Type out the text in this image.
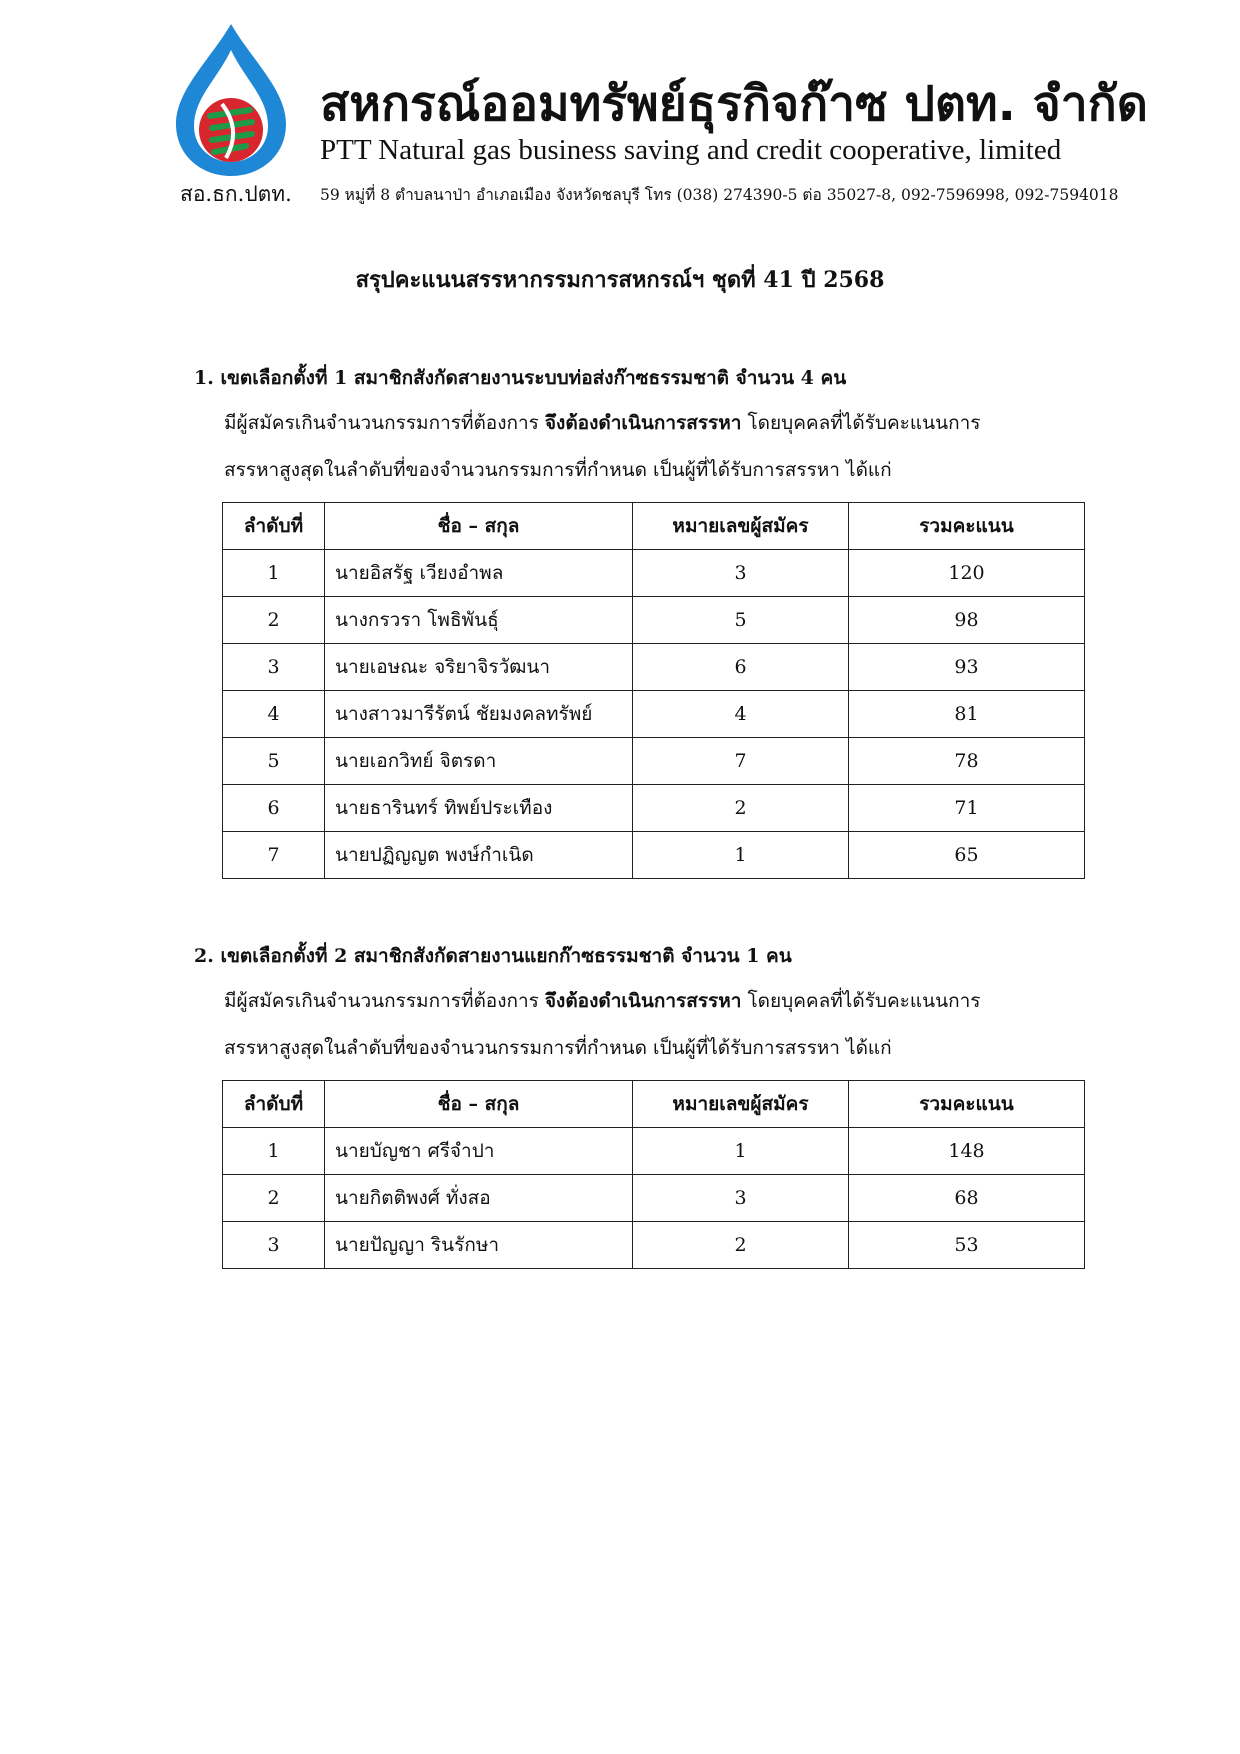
สหกรณ์ออมทรัพย์ธุรกิจก๊าซ ปตท. จำกัด
PTT Natural gas business saving and credit cooperative, limited
สอ.ธก.ปตท. 59 หมู่ที่ 8 ตำบลนาป่า อำเภอเมือง จังหวัดชลบุรี โทร (038) 274390-5 ต่อ 35027-8, 092-7596998, 092-7594018
สรุปคะแนนสรรหากรรมการสหกรณ์ฯ ชุดที่ 41 ปี 2568
1. เขตเลือกตั้งที่ 1 สมาชิกสังกัดสายงานระบบท่อส่งก๊าซธรรมชาติ จำนวน 4 คน
มีผู้สมัครเกินจำนวนกรรมการที่ต้องการ จึงต้องดำเนินการสรรหา โดยบุคคลที่ได้รับคะแนนการ
สรรหาสูงสุดในลำดับที่ของจำนวนกรรมการที่กำหนด เป็นผู้ที่ได้รับการสรรหา ได้แก่
ลำดับที่	ชื่อ – สกุล	หมายเลขผู้สมัคร	รวมคะแนน
1	นายอิสรัฐ เวียงอำพล	3	120
2	นางกรวรา โพธิพันธุ์	5	98
3	นายเอษณะ จริยาจิรวัฒนา	6	93
4	นางสาวมารีรัตน์ ชัยมงคลทรัพย์	4	81
5	นายเอกวิทย์ จิตรดา	7	78
6	นายธารินทร์ ทิพย์ประเทือง	2	71
7	นายปฏิญญต พงษ์กำเนิด	1	65
2. เขตเลือกตั้งที่ 2 สมาชิกสังกัดสายงานแยกก๊าซธรรมชาติ จำนวน 1 คน
มีผู้สมัครเกินจำนวนกรรมการที่ต้องการ จึงต้องดำเนินการสรรหา โดยบุคคลที่ได้รับคะแนนการ
สรรหาสูงสุดในลำดับที่ของจำนวนกรรมการที่กำหนด เป็นผู้ที่ได้รับการสรรหา ได้แก่
ลำดับที่	ชื่อ – สกุล	หมายเลขผู้สมัคร	รวมคะแนน
1	นายบัญชา ศรีจำปา	1	148
2	นายกิตติพงศ์ ทั่งสอ	3	68
3	นายปัญญา รินรักษา	2	53
